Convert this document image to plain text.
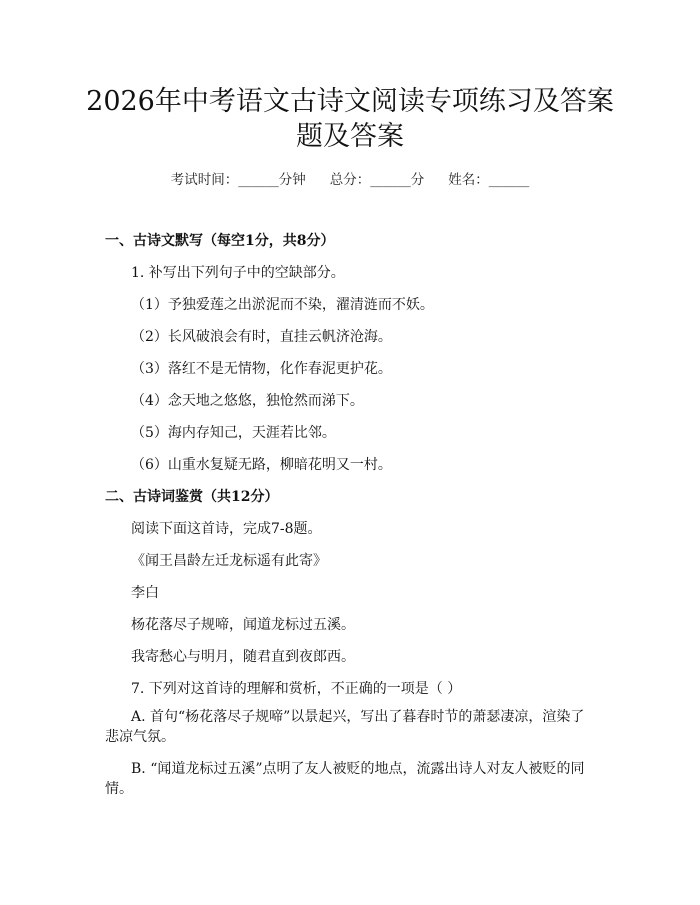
2026年中考语文古诗文阅读专项练习及答案
题及答案
考试时间：______分钟 总分：______分 姓名：______
一、古诗文默写（每空1分，共8分）
1. 补写出下列句子中的空缺部分。
（1）予独爱莲之出淤泥而不染，濯清涟而不妖。
（2）长风破浪会有时，直挂云帆济沧海。
（3）落红不是无情物，化作春泥更护花。
（4）念天地之悠悠，独怆然而涕下。
（5）海内存知己，天涯若比邻。
（6）山重水复疑无路，柳暗花明又一村。
二、古诗词鉴赏（共12分）
阅读下面这首诗，完成7-8题。
《闻王昌龄左迁龙标遥有此寄》
李白
杨花落尽子规啼，闻道龙标过五溪。
我寄愁心与明月，随君直到夜郎西。
7. 下列对这首诗的理解和赏析，不正确的一项是（ ）
A. 首句“杨花落尽子规啼”以景起兴，写出了暮春时节的萧瑟凄凉，渲染了悲凉气氛。
B. “闻道龙标过五溪”点明了友人被贬的地点，流露出诗人对友人被贬的同情。
